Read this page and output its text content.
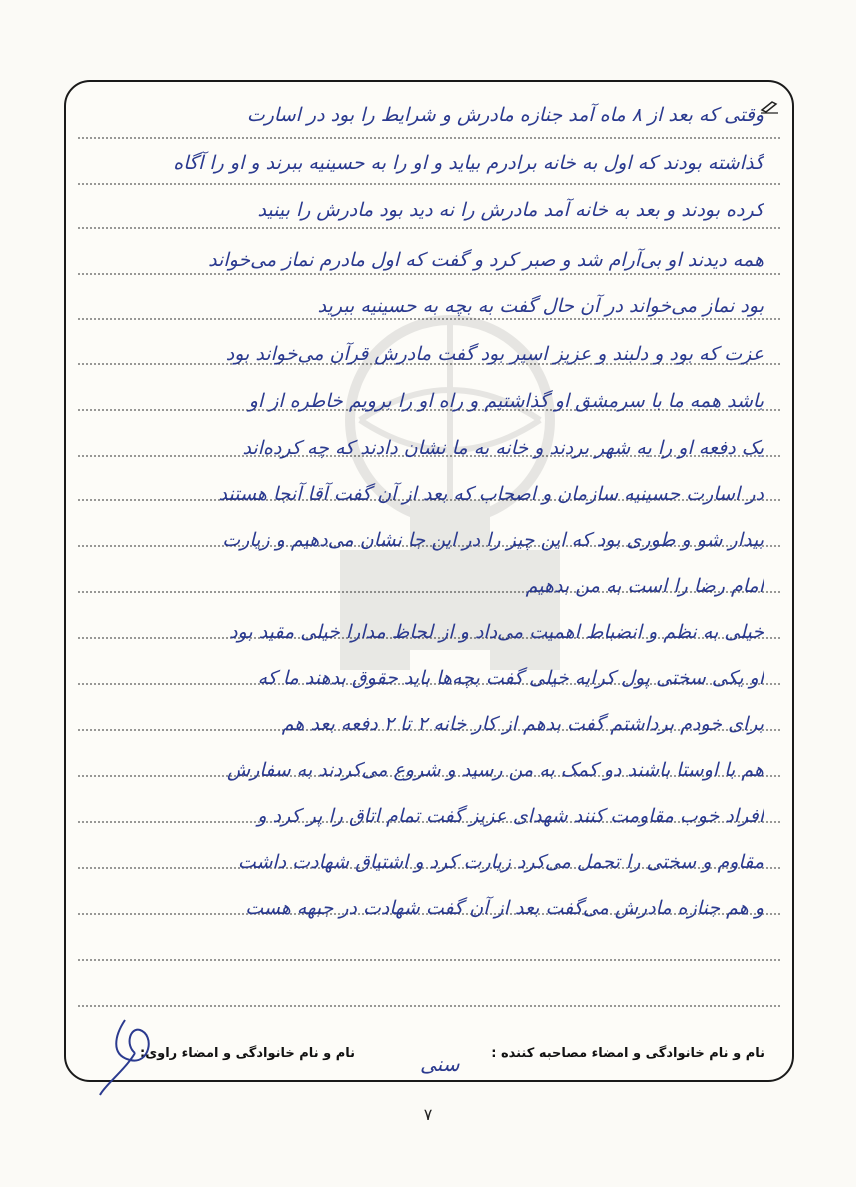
وقتی که بعد از ۸ ماه آمد جنازه مادرش و شرایط را بود در اسارت
گذاشته بودند که اول به خانه برادرم بیاید و او را به حسینیه ببرند و او را آگاه
کرده بودند و بعد به خانه آمد مادرش را نه دید بود مادرش را بینید
همه دیدند او بی‌آرام شد و صبر کرد و گفت که اول مادرم نماز می‌خواند
بود نماز می‌خواند در آن حال گفت به بچه به حسینیه ببرید
عزت که بود و دلبند و عزیز اسیر بود گفت مادرش قرآن می‌خواند بود
باشد همه ما با سرمشق او گذاشتیم و راه او را برویم خاطره از او
یک دفعه او را به شهر بردند و خانه به ما نشان دادند که چه کرده‌اند
در اسارت حسینیه سازمان و اصحاب که بعد از آن گفت آقا آنجا هستند
بیدار شو و طوری بود که این چیز را در این جا نشان می‌دهیم و زیارت
امام رضا را است به من بدهیم
خیلی به نظم و انضباط اهمیت می‌داد و از لحاظ مدارا خیلی مقید بود
او یکی سختی پول کرایه خیلی گفت بچه‌ها باید حقوق بدهند ما که
برای خودم برداشتم گفت بدهم از کار خانه ۲ تا ۲ دفعه بعد هم
هم با اوستا باشند دو کمک به من رسید و شروع می‌کردند به سفارش
افراد خوب مقاومت کنند شهدای عزیز گفت تمام اتاق را پر کرد و
مقاوم و سختی را تحمل می‌کرد زیارت کرد و اشتیاق شهادت داشت
و هم جنازه مادرش می‌گفت بعد از آن گفت شهادت در جبهه هست
نام و نام خانوادگی و امضاء مصاحبه کننده :
نام و نام خانوادگی و امضاء راوی:	سنی
۷
